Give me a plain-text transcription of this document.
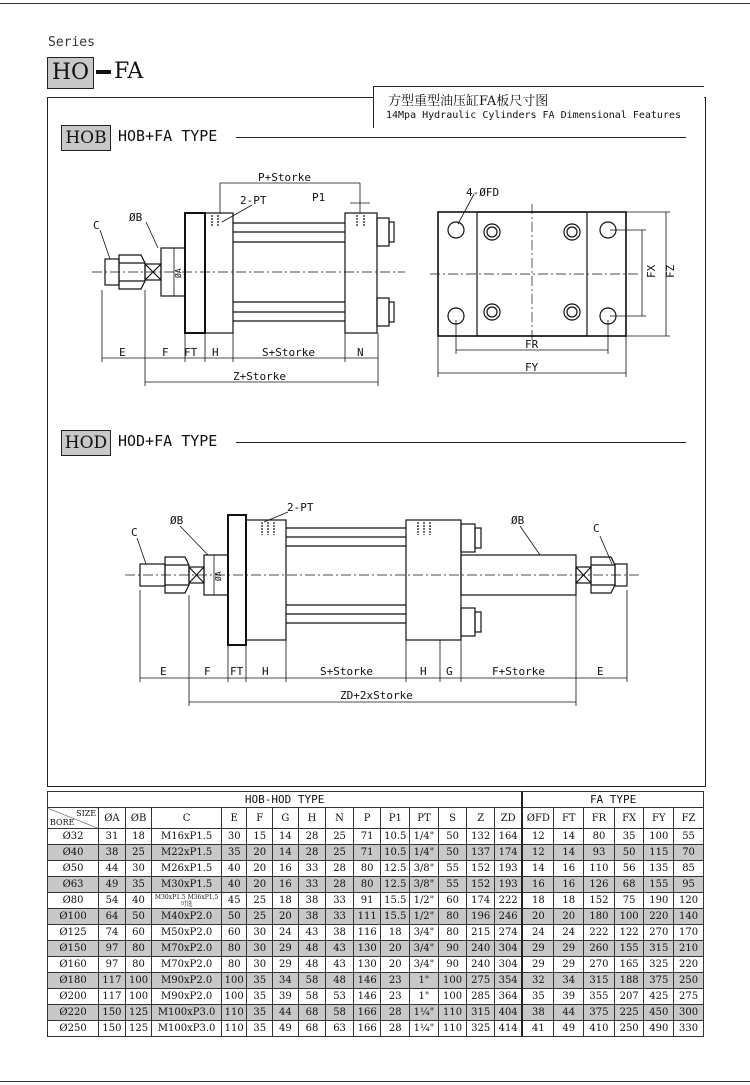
Series
HO FA
方型重型油压缸FA板尺寸图
14Mpa Hydraulic Cylinders FA Dimensional Features
HOB HOB+FA TYPE
HOD HOD+FA TYPE
P+Storke
2-PT	P1
C
ØB
ØA
E	F FT H	S+Storke	N
Z+Storke
4-ØFD
FX FZ
FR
FY
2-PT
ØB	ØB
C	C
ØA
E	F FT H	S+Storke	H G	F+Storke	E
ZD+2xStorke
HOB-HOD TYPE															FA TYPE					

SIZE
BORE	ØA	ØB	C	E	F	G	H	N	P	P1	PT	S	Z	ZD	ØFD	FT	FR	FX	FY	FZ
Ø32	31	18	M16xP1.5	30	15	14	28	25	71	10.5	1/4"	50	132	164	12	14	80	35	100	55
Ø40	38	25	M22xP1.5	35	20	14	28	25	71	10.5	1/4"	50	137	174	12	14	93	50	115	70
Ø50	44	30	M26xP1.5	40	20	16	33	28	80	12.5	3/8"	55	152	193	14	16	110	56	135	85
Ø63	49	35	M30xP1.5	40	20	16	33	28	80	12.5	3/8"	55	152	193	16	16	126	68	155	95
Ø80	54	40	M30xP1.5 M36xP1.5 可选	45	25	18	38	33	91	15.5	1/2"	60	174	222	18	18	152	75	190	120
Ø100	64	50	M40xP2.0	50	25	20	38	33	111	15.5	1/2"	80	196	246	20	20	180	100	220	140
Ø125	74	60	M50xP2.0	60	30	24	43	38	116	18	3/4"	80	215	274	24	24	222	122	270	170
Ø150	97	80	M70xP2.0	80	30	29	48	43	130	20	3/4"	90	240	304	29	29	260	155	315	210
Ø160	97	80	M70xP2.0	80	30	29	48	43	130	20	3/4"	90	240	304	29	29	270	165	325	220
Ø180	117	100	M90xP2.0	100	35	34	58	48	146	23	1"	100	275	354	32	34	315	188	375	250
Ø200	117	100	M90xP2.0	100	35	39	58	53	146	23	1"	100	285	364	35	39	355	207	425	275
Ø220	150	125	M100xP3.0	110	35	44	68	58	166	28	1¼"	110	315	404	38	44	375	225	450	300
Ø250	150	125	M100xP3.0	110	35	49	68	63	166	28	1¼"	110	325	414	41	49	410	250	490	330
